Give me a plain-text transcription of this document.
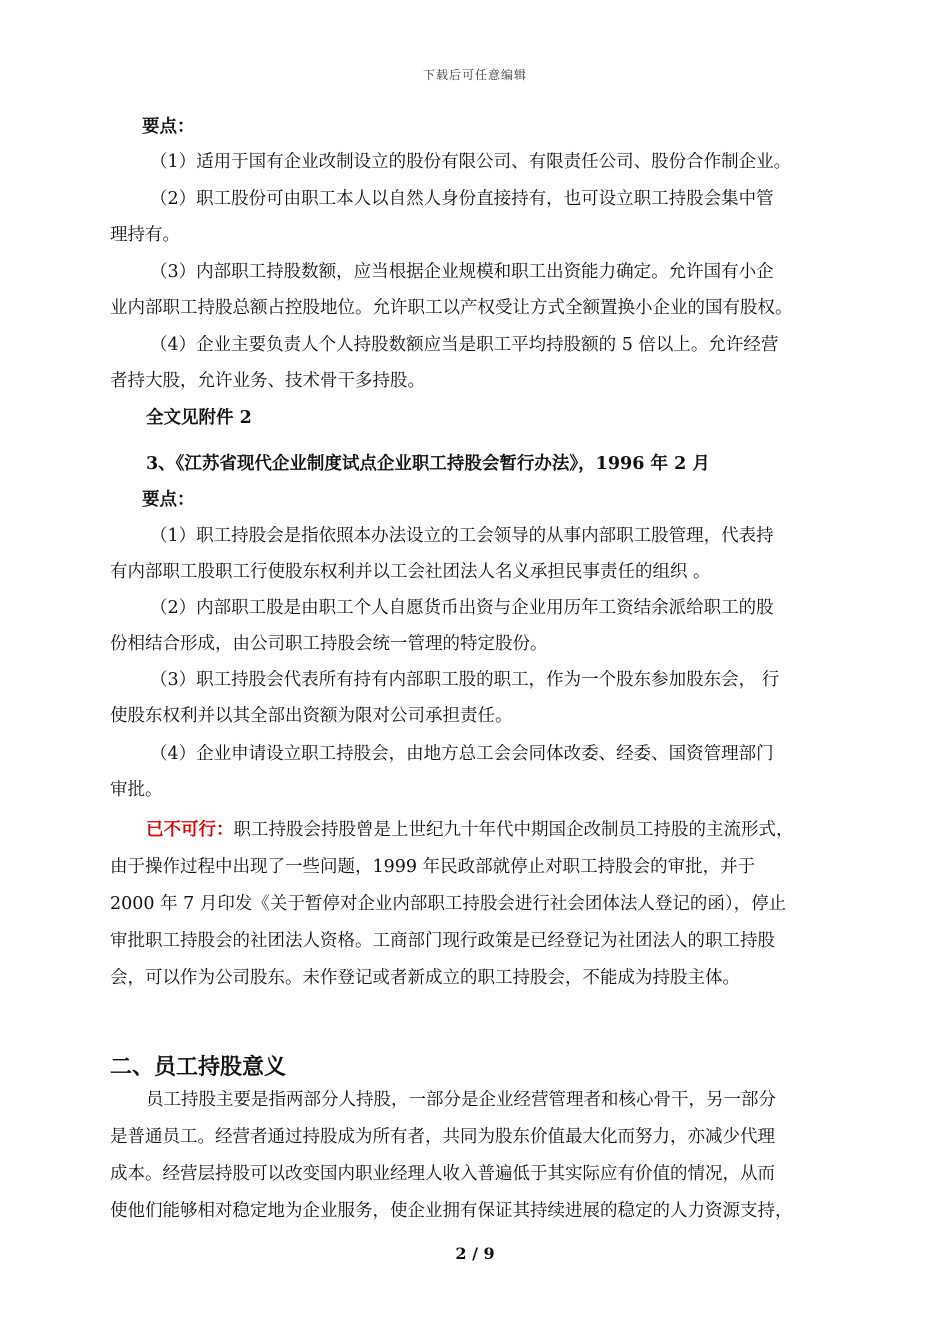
下载后可任意编辑
要点：
（1）适用于国有企业改制设立的股份有限公司、有限责任公司、股份合作制企业。
（2）职工股份可由职工本人以自然人身份直接持有，也可设立职工持股会集中管
理持有。
（3）内部职工持股数额，应当根据企业规模和职工出资能力确定。允许国有小企
业内部职工持股总额占控股地位。允许职工以产权受让方式全额置换小企业的国有股权。
（4）企业主要负责人个人持股数额应当是职工平均持股额的 5 倍以上。允许经营
者持大股，允许业务、技术骨干多持股。
全文见附件 2
3、《江苏省现代企业制度试点企业职工持股会暂行办法》，1996 年 2 月
要点：
（1）职工持股会是指依照本办法设立的工会领导的从事内部职工股管理，代表持
有内部职工股职工行使股东权利并以工会社团法人名义承担民事责任的组织 。
（2）内部职工股是由职工个人自愿货币出资与企业用历年工资结余派给职工的股
份相结合形成，由公司职工持股会统一管理的特定股份。
（3）职工持股会代表所有持有内部职工股的职工，作为一个股东参加股东会， 行
使股东权利并以其全部出资额为限对公司承担责任。
（4）企业申请设立职工持股会，由地方总工会会同体改委、经委、国资管理部门
审批。
已不可行：职工持股会持股曾是上世纪九十年代中期国企改制员工持股的主流形式，
由于操作过程中出现了一些问题，1999 年民政部就停止对职工持股会的审批，并于
2000 年 7 月印发《关于暂停对企业内部职工持股会进行社会团体法人登记的函），停止
审批职工持股会的社团法人资格。工商部门现行政策是已经登记为社团法人的职工持股
会，可以作为公司股东。未作登记或者新成立的职工持股会，不能成为持股主体。
二、员工持股意义
员工持股主要是指两部分人持股，一部分是企业经营管理者和核心骨干，另一部分
是普通员工。经营者通过持股成为所有者，共同为股东价值最大化而努力，亦减少代理
成本。经营层持股可以改变国内职业经理人收入普遍低于其实际应有价值的情况，从而
使他们能够相对稳定地为企业服务，使企业拥有保证其持续进展的稳定的人力资源支持，
2 / 9
